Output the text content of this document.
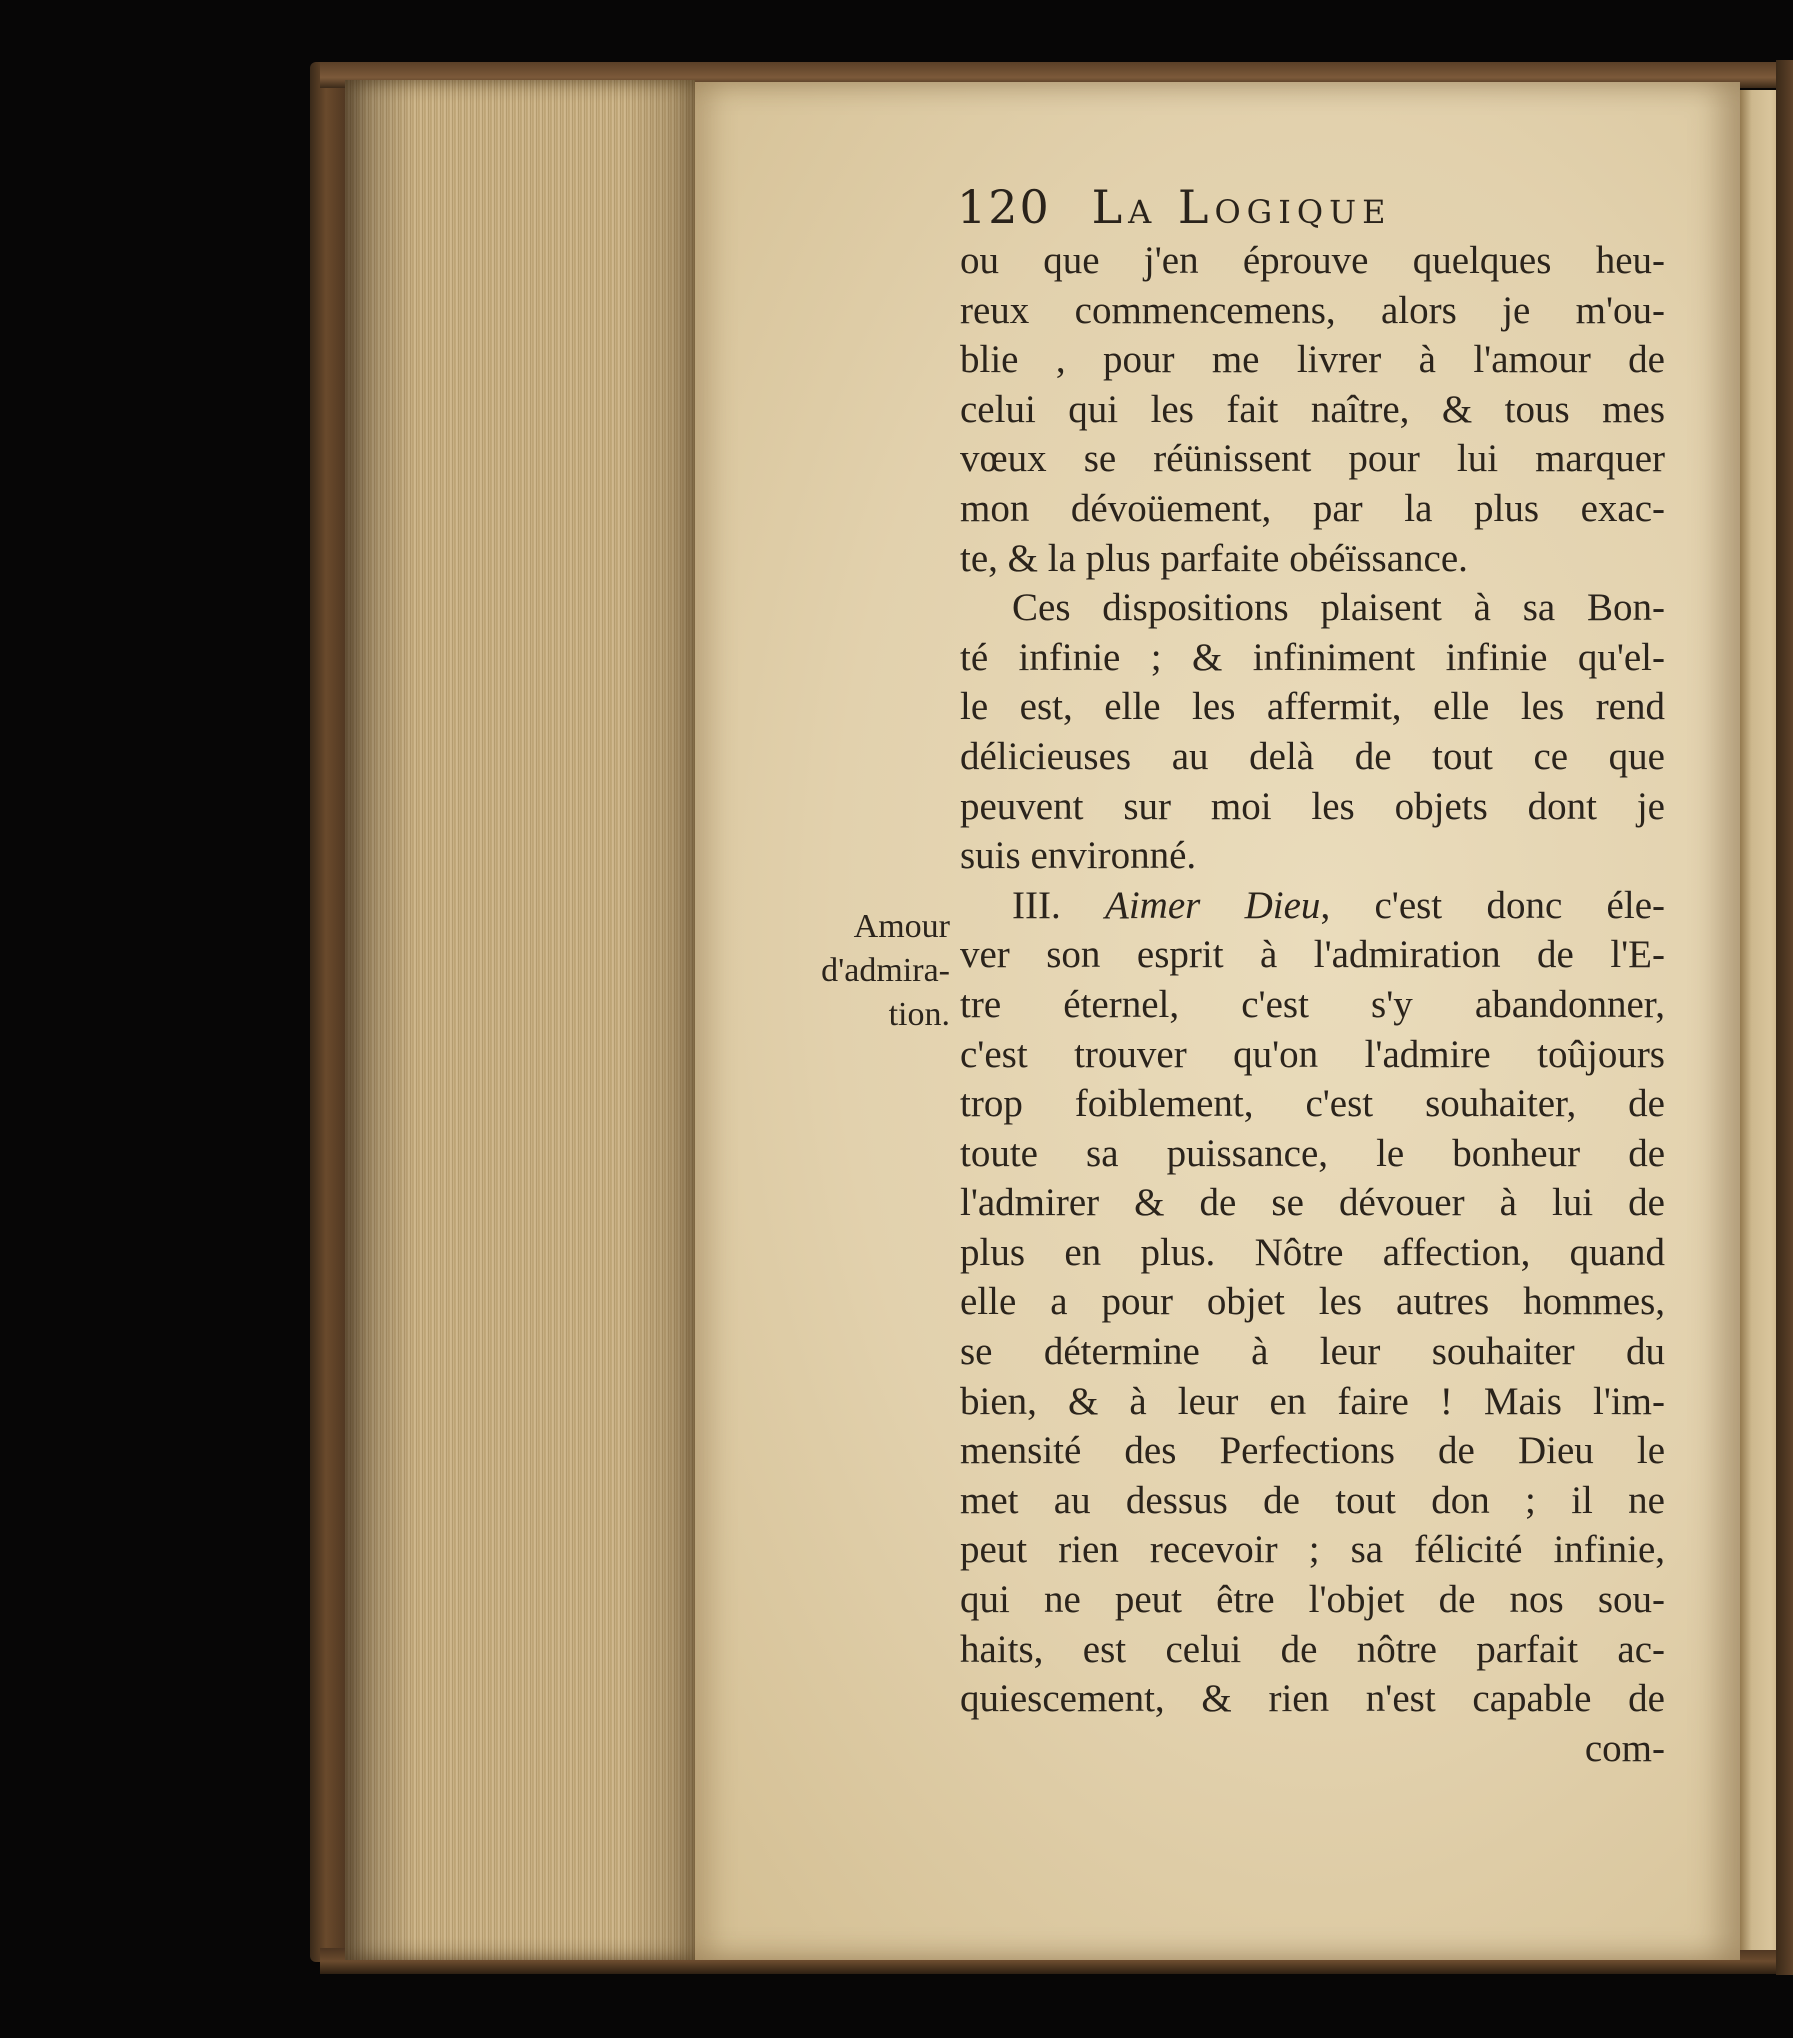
120 La Logique
Amour
d'admira-
tion.
ou que j'en éprouve quelques heu-
reux commencemens, alors je m'ou-
blie , pour me livrer à l'amour de
celui qui les fait naître, & tous mes
vœux se réünissent pour lui marquer
mon dévoüement, par la plus exac-
te, & la plus parfaite obéïssance.
Ces dispositions plaisent à sa Bon-
té infinie ; & infiniment infinie qu'el-
le est, elle les affermit, elle les rend
délicieuses au delà de tout ce que
peuvent sur moi les objets dont je
suis environné.
III. Aimer Dieu, c'est donc éle-
ver son esprit à l'admiration de l'E-
tre éternel, c'est s'y abandonner,
c'est trouver qu'on l'admire toûjours
trop foiblement, c'est souhaiter, de
toute sa puissance, le bonheur de
l'admirer & de se dévouer à lui de
plus en plus. Nôtre affection, quand
elle a pour objet les autres hommes,
se détermine à leur souhaiter du
bien, & à leur en faire ! Mais l'im-
mensité des Perfections de Dieu le
met au dessus de tout don ; il ne
peut rien recevoir ; sa félicité infinie,
qui ne peut être l'objet de nos sou-
haits, est celui de nôtre parfait ac-
quiescement, & rien n'est capable de
com-
